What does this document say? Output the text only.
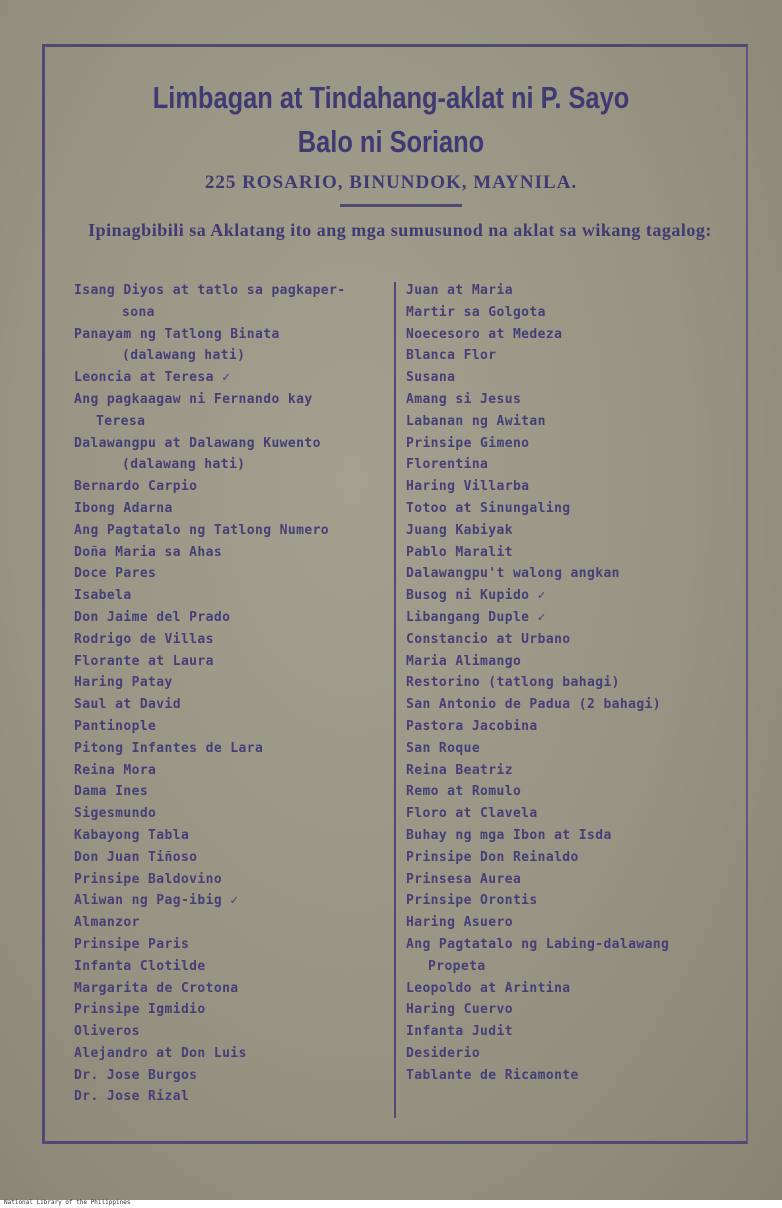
Limbagan at Tindahang-aklat ni P. Sayo
Balo ni Soriano
225 ROSARIO, BINUNDOK, MAYNILA.
Ipinagbibili sa Aklatang ito ang mga sumusunod na aklat sa wikang tagalog:
Isang Diyos at tatlo sa pagkaper-
sona
Panayam ng Tatlong Binata
(dalawang hati)
Leoncia at Teresa ✓
Ang pagkaagaw ni Fernando kay
Teresa
Dalawangpu at Dalawang Kuwento
(dalawang hati)
Bernardo Carpio
Ibong Adarna
Ang Pagtatalo ng Tatlong Numero
Doña Maria sa Ahas
Doce Pares
Isabela
Don Jaime del Prado
Rodrigo de Villas
Florante at Laura
Haring Patay
Saul at David
Pantinople
Pitong Infantes de Lara
Reina Mora
Dama Ines
Sigesmundo
Kabayong Tabla
Don Juan Tiñoso
Prinsipe Baldovino
Aliwan ng Pag-ibig ✓
Almanzor
Prinsipe Paris
Infanta Clotilde
Margarita de Crotona
Prinsipe Igmidio
Oliveros
Alejandro at Don Luis
Dr. Jose Burgos
Dr. Jose Rizal
Juan at Maria
Martir sa Golgota
Noecesoro at Medeza
Blanca Flor
Susana
Amang si Jesus
Labanan ng Awitan
Prinsipe Gimeno
Florentina
Haring Villarba
Totoo at Sinungaling
Juang Kabiyak
Pablo Maralit
Dalawangpu't walong angkan
Busog ni Kupido ✓
Libangang Duple ✓
Constancio at Urbano
Maria Alimango
Restorino (tatlong bahagi)
San Antonio de Padua (2 bahagi)
Pastora Jacobina
San Roque
Reina Beatriz
Remo at Romulo
Floro at Clavela
Buhay ng mga Ibon at Isda
Prinsipe Don Reinaldo
Prinsesa Aurea
Prinsipe Orontis
Haring Asuero
Ang Pagtatalo ng Labing-dalawang
Propeta
Leopoldo at Arintina
Haring Cuervo
Infanta Judit
Desiderio
Tablante de Ricamonte
National Library of the Philippines
